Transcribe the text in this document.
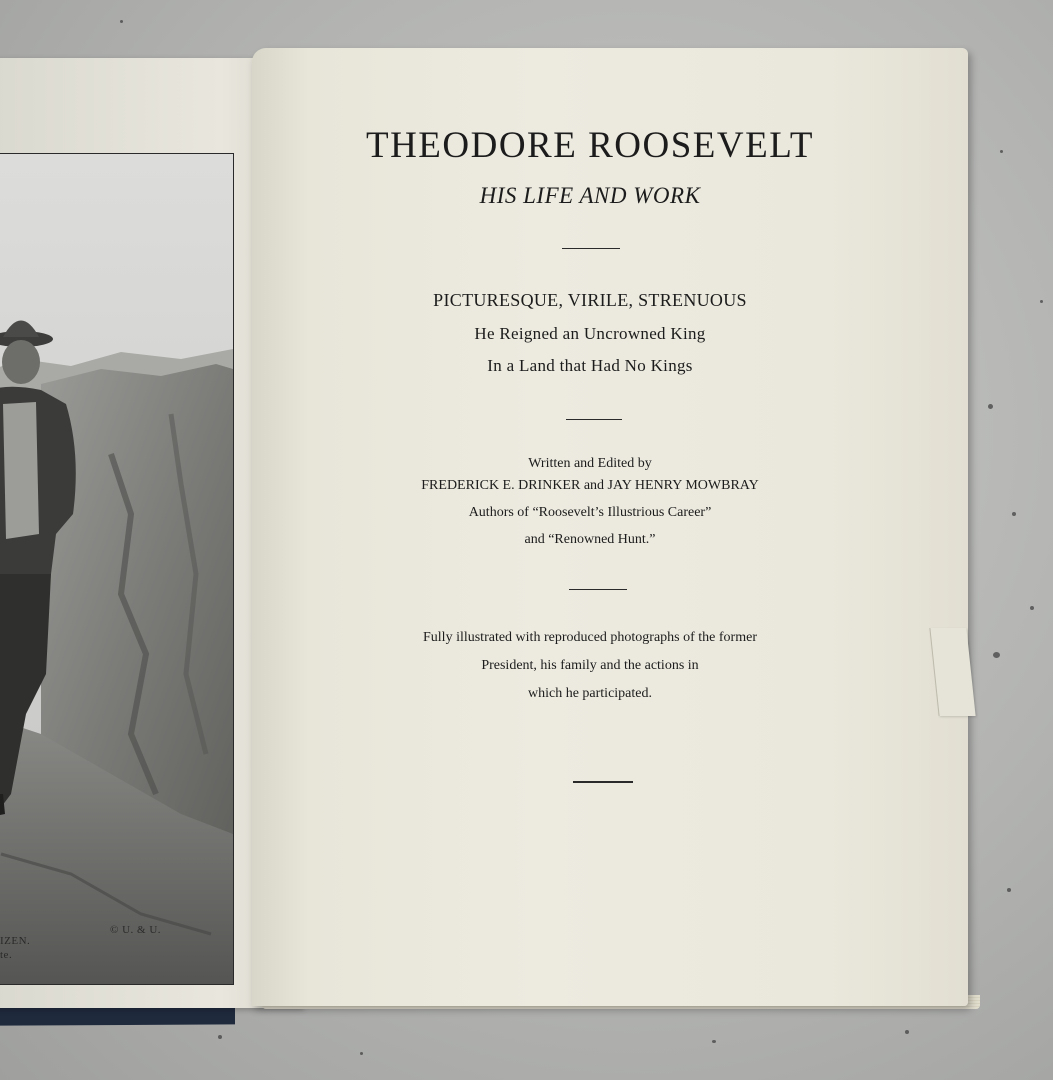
© U. & U.
IZEN.
te.
THEODORE ROOSEVELT
HIS LIFE AND WORK
PICTURESQUE, VIRILE, STRENUOUS
He Reigned an Uncrowned King
In a Land that Had No Kings
Written and Edited by
FREDERICK E. DRINKER and JAY HENRY MOWBRAY
Authors of “Roosevelt’s Illustrious Career”
and “Renowned Hunt.”
Fully illustrated with reproduced photographs of the former
President, his family and the actions in
which he participated.
